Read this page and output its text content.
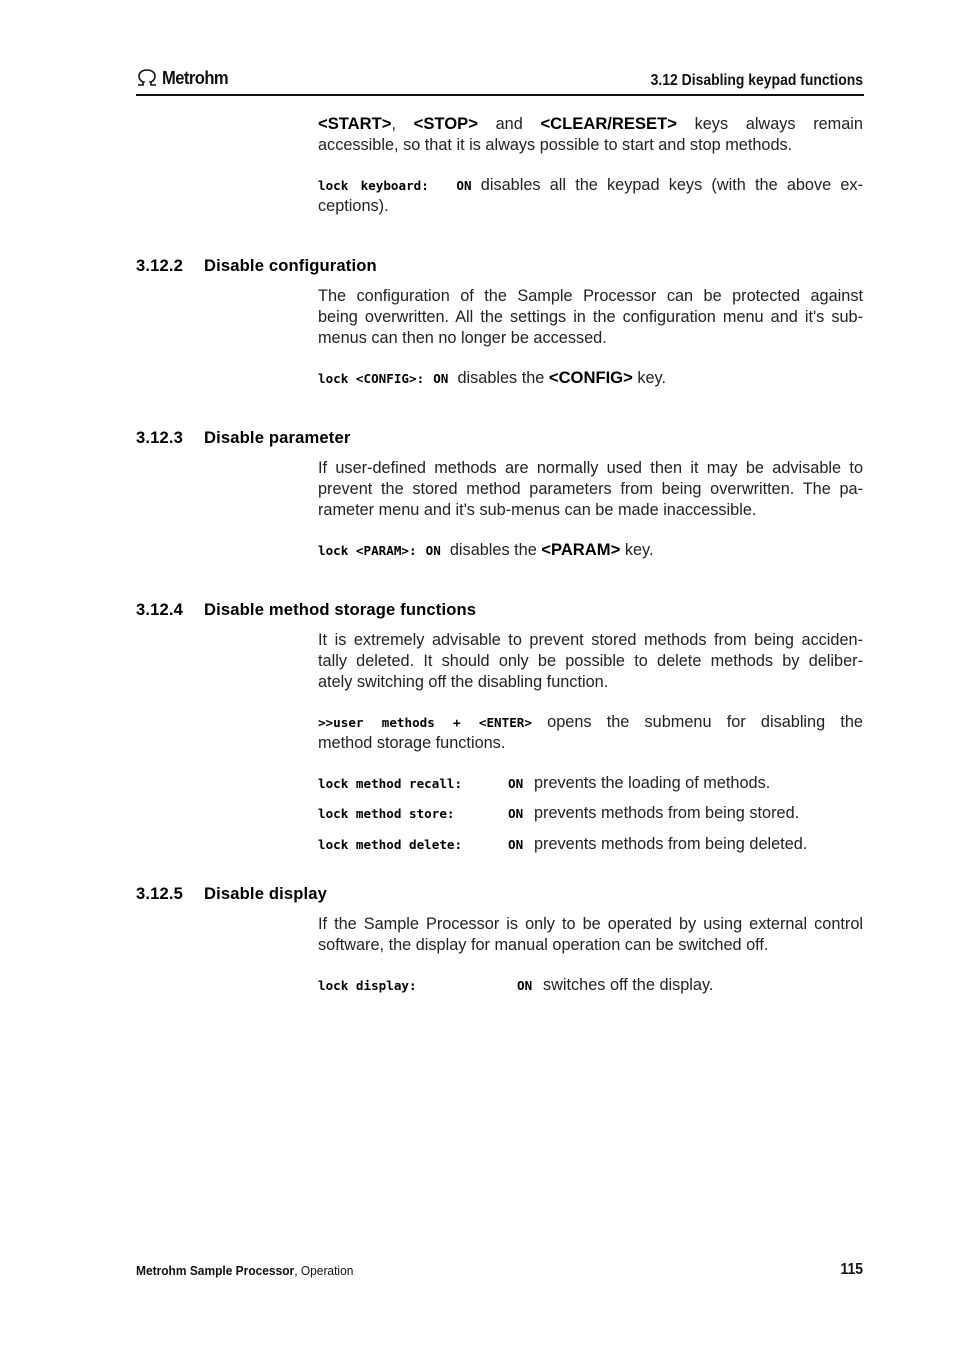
Metrohm	3.12 Disabling keypad functions
<START>, <STOP> and <CLEAR/RESET> keys always remain
accessible, so that it is always possible to start and stop methods.
lock keyboard: ON disables all the keypad keys (with the above ex-
ceptions).
3.12.2 Disable configuration
The configuration of the Sample Processor can be protected against
being overwritten. All the settings in the configuration menu and it's sub-
menus can then no longer be accessed.
lock <CONFIG>: ON disables the <CONFIG> key.
3.12.3 Disable parameter
If user-defined methods are normally used then it may be advisable to
prevent the stored method parameters from being overwritten. The pa-
rameter menu and it's sub-menus can be made inaccessible.
lock <PARAM>: ON disables the <PARAM> key.
3.12.4 Disable method storage functions
It is extremely advisable to prevent stored methods from being acciden-
tally deleted. It should only be possible to delete methods by deliber-
ately switching off the disabling function.
>>user methods + <ENTER> opens the submenu for disabling the
method storage functions.
lock method recall:	ON prevents the loading of methods.
lock method store:	ON prevents methods from being stored.
lock method delete:	ON prevents methods from being deleted.
3.12.5 Disable display
If the Sample Processor is only to be operated by using external control
software, the display for manual operation can be switched off.
lock display:	ON switches off the display.
Metrohm Sample Processor, Operation	115
